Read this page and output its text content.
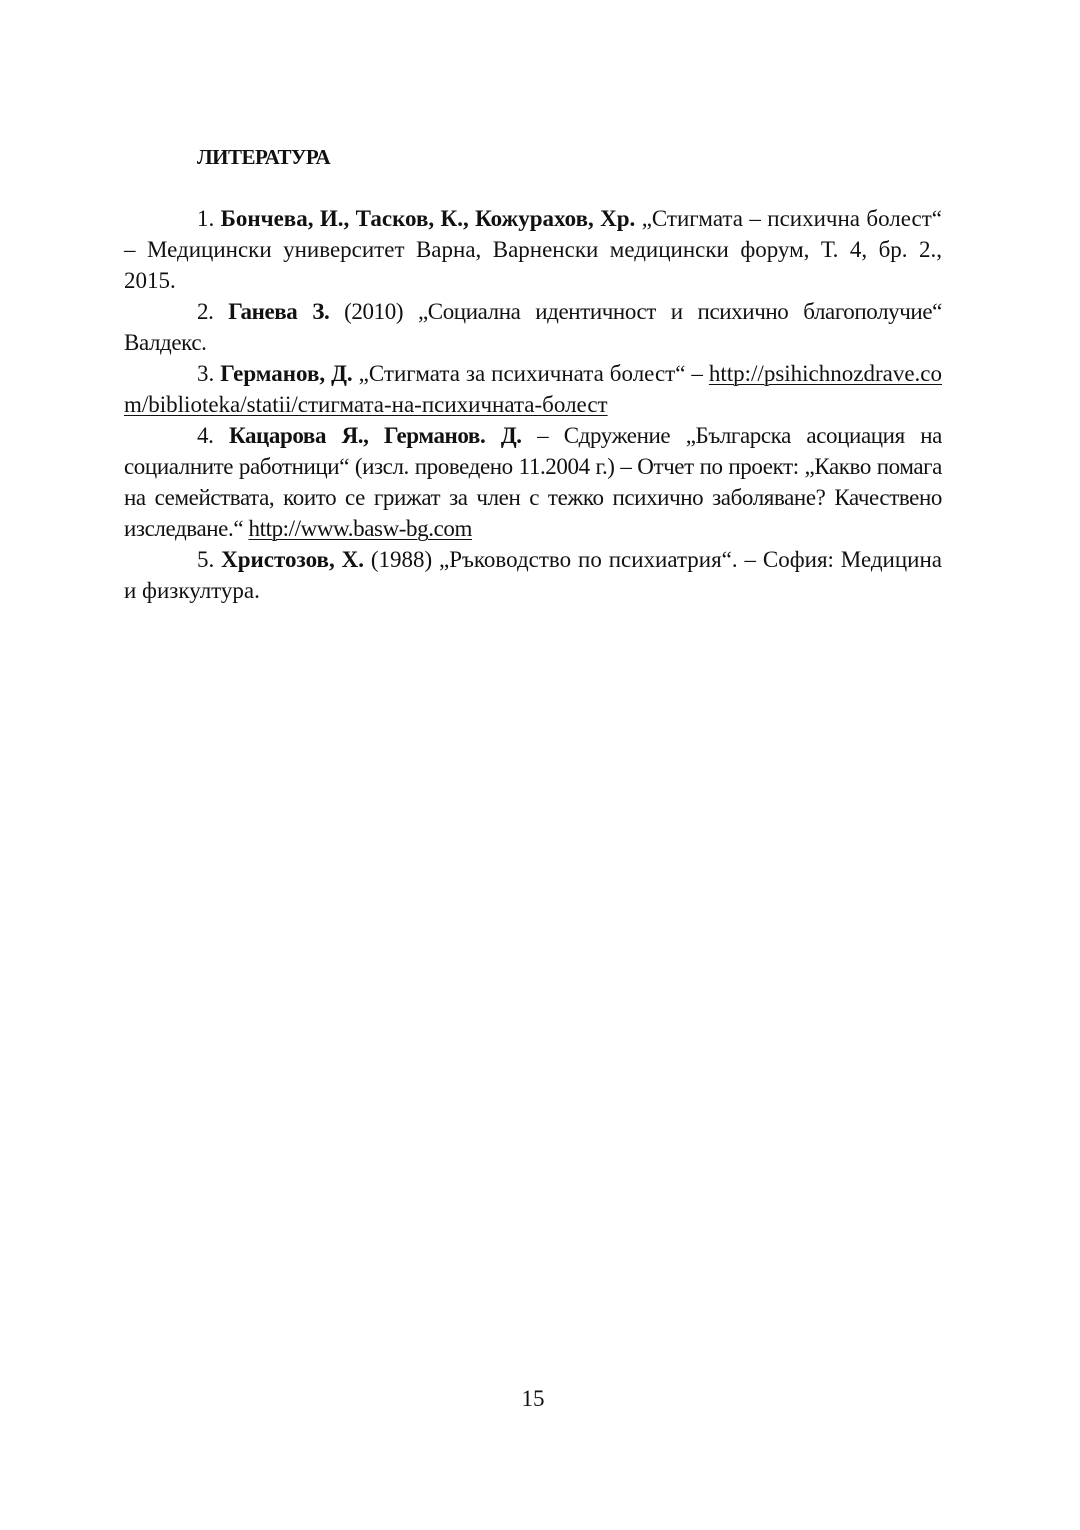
ЛИТЕРАТУРА

1. Бончева, И., Тасков, К., Кожурахов, Хр. „Стигмата – психична болест“ – Медицински университет Варна, Варненски медицински форум, Т. 4, бр. 2., 2015.

2. Ганева З. (2010) „Социална идентичност и психично благополучие“ Валдекс.

3. Германов, Д. „Стигмата за психичната болест“ – http://psihichnozdrave.com/biblioteka/statii/стигмата-на-психичната-болест

4. Кацарова Я., Германов. Д. – Сдружение „Българска асоциация на социалните работници“ (изсл. проведено 11.2004 г.) – Отчет по проект: „Какво помага на семействата, които се грижат за член с тежко психично заболяване? Качествено изследване.“ http://www.basw-bg.com

5. Христозов, Х. (1988) „Ръководство по психиатрия“. – София: Медицина и физкултура.

15
